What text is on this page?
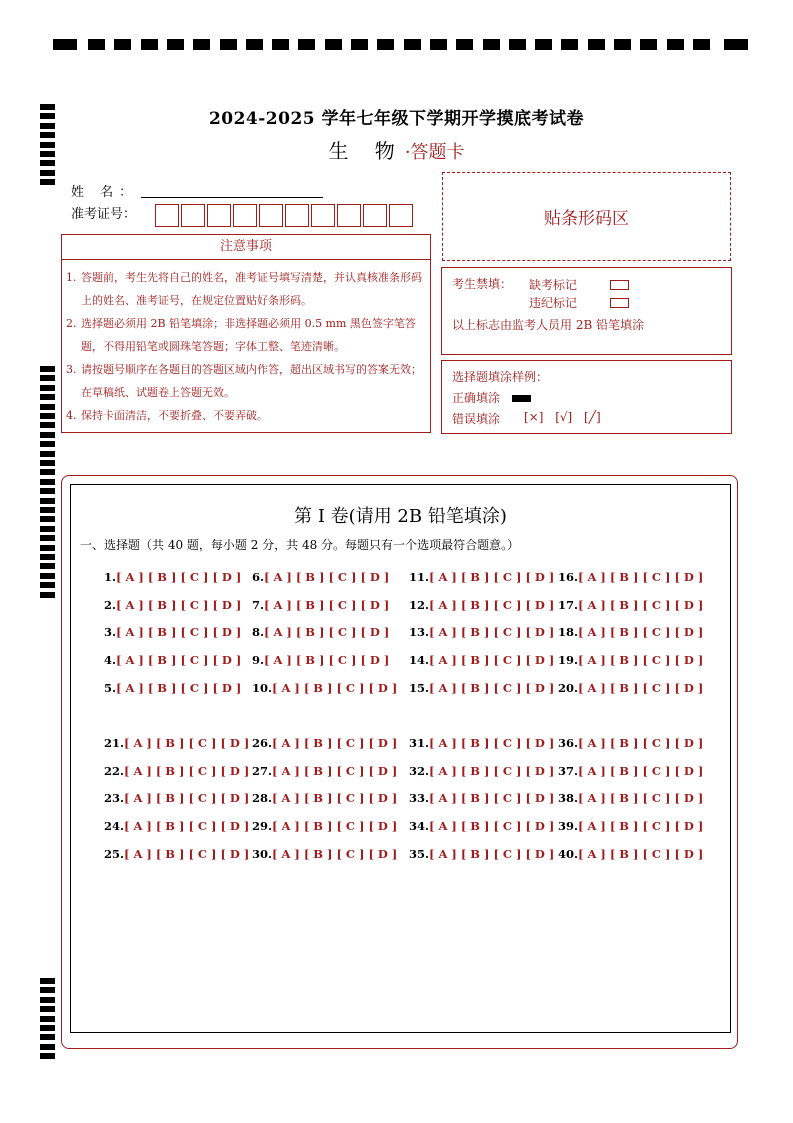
2024-2025 学年七年级下学期开学摸底考试卷
生 物·答题卡
姓 名：
准考证号：	贴条形码区
注意事项
1. 答题前，考生先将自己的姓名，准考证号填写清楚，并认真核准条形码上的姓名、准考证号，在规定位置贴好条形码。
2. 选择题必须用 2B 铅笔填涂；非选择题必须用 0.5 mm 黑色签字笔答题，不得用铅笔或圆珠笔答题；字体工整、笔迹清晰。
3. 请按题号顺序在各题目的答题区域内作答，超出区域书写的答案无效；在草稿纸、试题卷上答题无效。
4. 保持卡面清洁，不要折叠、不要弄破。
考生禁填： 缺考标记
违纪标记
以上标志由监考人员用 2B 铅笔填涂
选择题填涂样例：
正确填涂
错误填涂 [×] [√] [╱]
第 I 卷(请用 2B 铅笔填涂)
一、选择题（共 40 题，每小题 2 分，共 48 分。每题只有一个选项最符合题意。）
1.[ A ] [ B ] [ C ] [ D ]
2.[ A ] [ B ] [ C ] [ D ]
3.[ A ] [ B ] [ C ] [ D ]
4.[ A ] [ B ] [ C ] [ D ]
5.[ A ] [ B ] [ C ] [ D ]
6.[ A ] [ B ] [ C ] [ D ]
7.[ A ] [ B ] [ C ] [ D ]
8.[ A ] [ B ] [ C ] [ D ]
9.[ A ] [ B ] [ C ] [ D ]
10.[ A ] [ B ] [ C ] [ D ]
11.[ A ] [ B ] [ C ] [ D ]
12.[ A ] [ B ] [ C ] [ D ]
13.[ A ] [ B ] [ C ] [ D ]
14.[ A ] [ B ] [ C ] [ D ]
15.[ A ] [ B ] [ C ] [ D ]
16.[ A ] [ B ] [ C ] [ D ]
17.[ A ] [ B ] [ C ] [ D ]
18.[ A ] [ B ] [ C ] [ D ]
19.[ A ] [ B ] [ C ] [ D ]
20.[ A ] [ B ] [ C ] [ D ]
21.[ A ] [ B ] [ C ] [ D ]
22.[ A ] [ B ] [ C ] [ D ]
23.[ A ] [ B ] [ C ] [ D ]
24.[ A ] [ B ] [ C ] [ D ]
25.[ A ] [ B ] [ C ] [ D ]
26.[ A ] [ B ] [ C ] [ D ]
27.[ A ] [ B ] [ C ] [ D ]
28.[ A ] [ B ] [ C ] [ D ]
29.[ A ] [ B ] [ C ] [ D ]
30.[ A ] [ B ] [ C ] [ D ]
31.[ A ] [ B ] [ C ] [ D ]
32.[ A ] [ B ] [ C ] [ D ]
33.[ A ] [ B ] [ C ] [ D ]
34.[ A ] [ B ] [ C ] [ D ]
35.[ A ] [ B ] [ C ] [ D ]
36.[ A ] [ B ] [ C ] [ D ]
37.[ A ] [ B ] [ C ] [ D ]
38.[ A ] [ B ] [ C ] [ D ]
39.[ A ] [ B ] [ C ] [ D ]
40.[ A ] [ B ] [ C ] [ D ]
